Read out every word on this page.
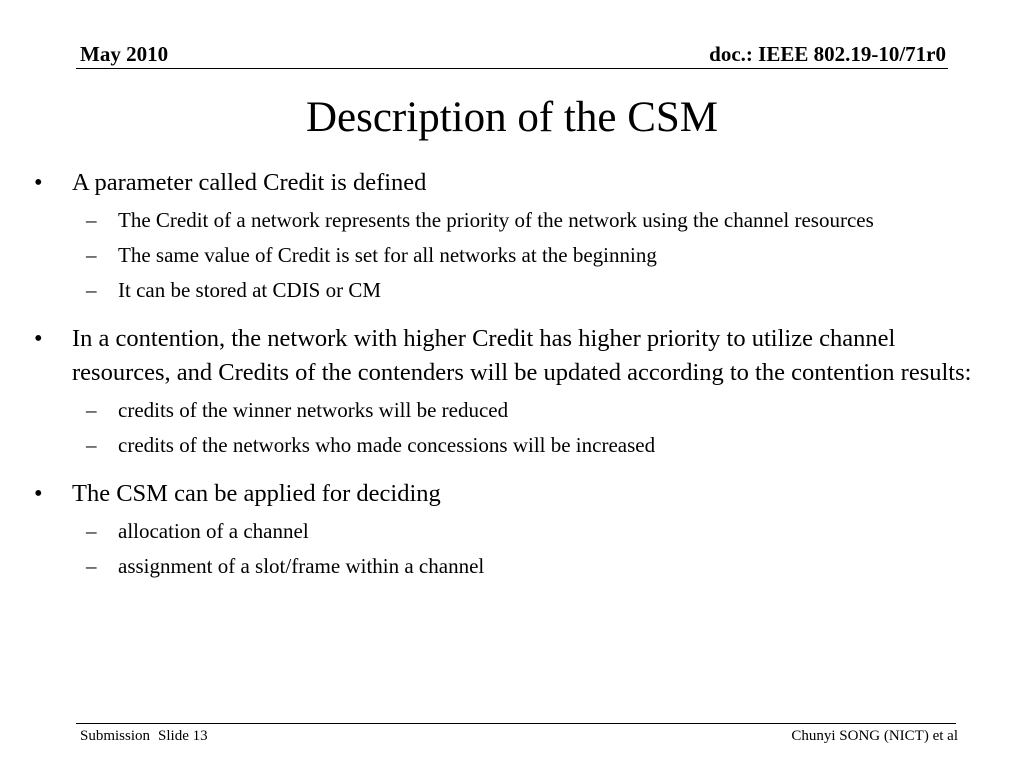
May 2010	doc.: IEEE 802.19-10/71r0
Description of the CSM
• A parameter called Credit is defined
– The Credit of a network represents the priority of the network using the channel resources
– The same value of Credit is set for all networks at the beginning
– It can be stored at CDIS or CM
• In a contention, the network with higher Credit has higher priority to utilize channel resources, and Credits of the contenders will be updated according to the contention results:
– credits of the winner networks will be reduced
– credits of the networks who made concessions will be increased
• The CSM can be applied for deciding
– allocation of a channel
– assignment of a slot/frame within a channel
Submission Slide 13	Chunyi SONG (NICT) et al
